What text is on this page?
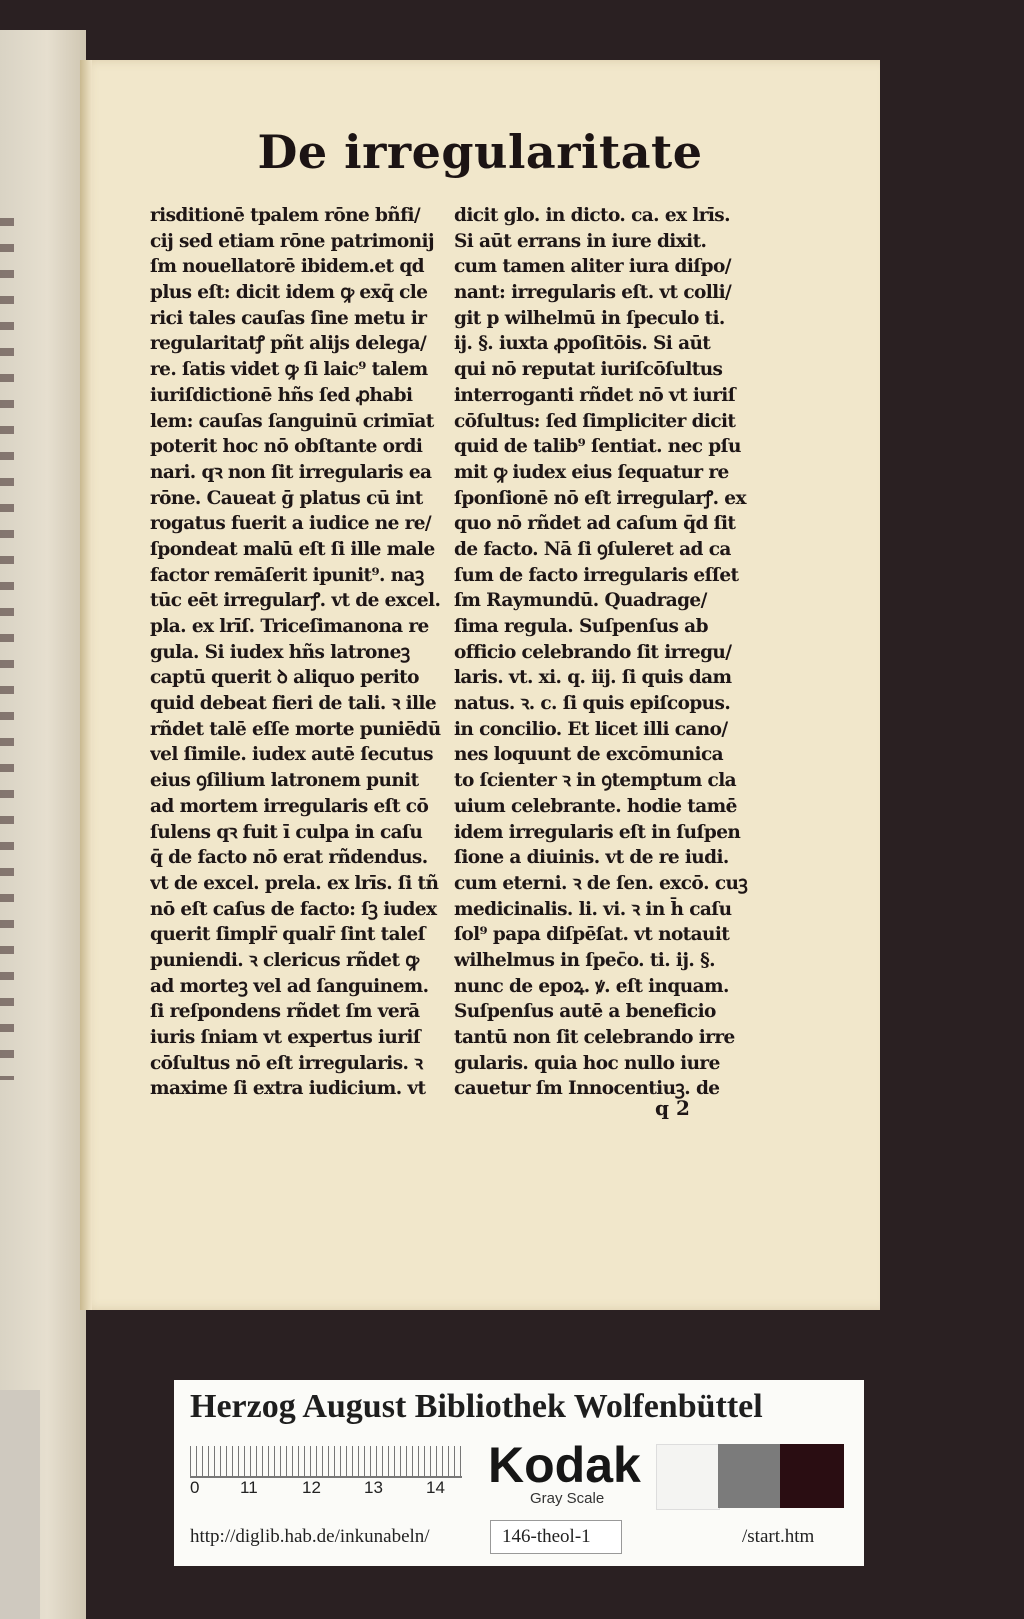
De irregularitate
risditionē tpalem rōne bñfi/
cij sed etiam rōne patrimonij
ſm nouellatorē ibidem.et qd
plus eſt: dicit idem ꝙ exq̄ cle
rici tales cauſas ſine metu ir
regularitatꝭ pñt alijs delega/
re. ſatis videt ꝙ ſi laic⁹ talem
iuriſdictionē hñs ſed ꝓhabi
lem: cauſas ſanguinū crimīat
poterit hoc nō obſtante ordi
nari. qꝛ non ſit irregularis ea
rōne. Caueat ḡ platus cū int
rogatus fuerit a iudice ne re/
ſpondeat malū eſt ſi ille male
factor remāſerit ipunit⁹. naꝫ
tūc eēt irregularꝭ. vt de excel.
pla. ex lrīſ. Triceſimanona re
gula. Si iudex hñs latroneꝫ
captū querit ꝺ aliquo perito
quid debeat fieri de tali. ꝛ ille
rñdet talē eſſe morte puniēdū
vel ſimile. iudex autē ſecutus
eius ꝯſilium latronem punit
ad mortem irregularis eſt cō
ſulens qꝛ fuit ī culpa in caſu
q̄ de facto nō erat rñdendus.
vt de excel. prela. ex lrīs. ſi tñ
nō eſt caſus de facto: ſꝫ iudex
querit ſimplr̄ qualr̄ ſint taleſ
puniendi. ꝛ clericus rñdet ꝙ
ad morteꝫ vel ad ſanguinem.
ſi reſpondens rñdet ſm verā
iuris ſniam vt expertus iuriſ
cōſultus nō eſt irregularis. ꝛ
maxime ſi extra iudicium. vt
dicit glo. in dicto. ca. ex lrīs.
Si aūt errans in iure dixit.
cum tamen aliter iura diſpo/
nant: irregularis eſt. vt colli/
git p wilhelmū in ſpeculo ti.
ij. §. iuxta ꝓpoſitōis. Si aūt
qui nō reputat iuriſcōſultus
interroganti rñdet nō vt iuriſ
cōſultus: ſed ſimpliciter dicit
quid de talib⁹ ſentiat. nec pſu
mit ꝙ iudex eius ſequatur re
ſponſionē nō eſt irregularꝭ. ex
quo nō rñdet ad caſum q̄d ſit
de facto. Nā ſi ꝯſuleret ad ca
ſum de facto irregularis eſſet
ſm Raymundū. Quadrage/
ſima regula. Suſpenſus ab
officio celebrando ſit irregu/
laris. vt. xi. q. iij. ſi quis dam
natus. ꝛ. c. ſi quis epiſcopus.
in concilio. Et licet illi cano/
nes loquunt de excōmunica
to ſcienter ꝛ in ꝯtemptum cla
uium celebrante. hodie tamē
idem irregularis eſt in ſuſpen
ſione a diuinis. vt de re iudi.
cum eterni. ꝛ de ſen. excō. cuꝫ
medicinalis. li. vi. ꝛ in h̄ caſu
ſol⁹ papa diſpēſat. vt notauit
wilhelmus in ſpec̄o. ti. ij. §.
nunc de epoꝝ. ꝟ. eſt inquam.
Suſpenſus autē a beneficio
tantū non ſit celebrando irre
gularis. quia hoc nullo iure
cauetur ſm Innocentiuꝫ. de
q 2
Herzog August Bibliothek Wolfenbüttel
0 11	12	13	14 Kodak
Gray Scale
http://diglib.hab.de/inkunabeln/	146-theol-1	/start.htm
